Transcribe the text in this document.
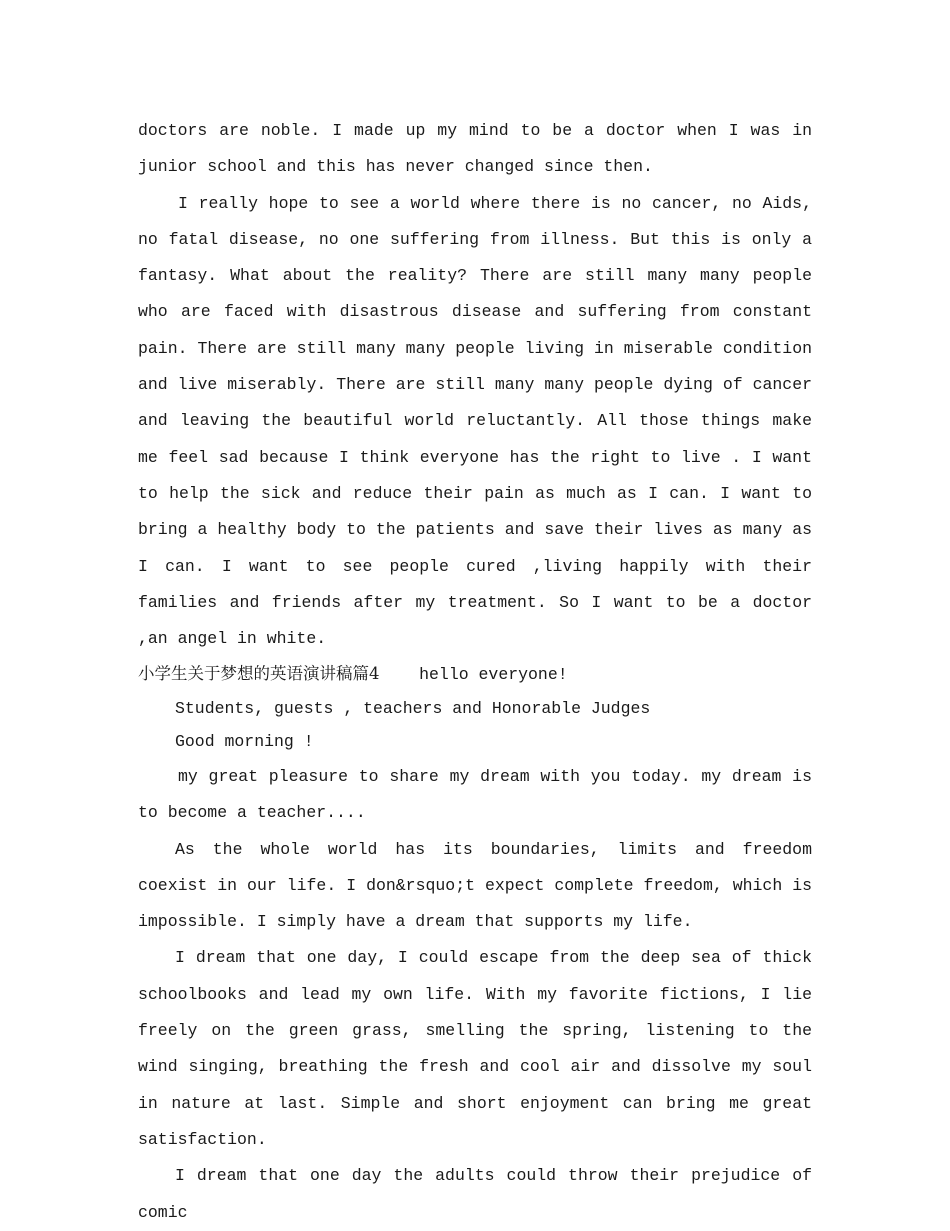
doctors are noble. I made up my mind to be a doctor when I was in junior school and this has never changed since then.

I really hope to see a world where there is no cancer, no Aids, no fatal disease, no one suffering from illness. But this is only a fantasy. What about the reality? There are still many many people who are faced with disastrous disease and suffering from constant pain. There are still many many people living in miserable condition and live miserably. There are still many many people dying of cancer and leaving the beautiful world reluctantly. All those things make me feel sad because I think everyone has the right to live . I want to help the sick and reduce their pain as much as I can. I want to bring a healthy body to the patients and save their lives as many as I can. I want to see people cured ,living happily with their families and friends after my treatment. So I want to be a doctor ,an angel in white.

小学生关于梦想的英语演讲稿篇4 hello everyone!

Students, guests , teachers and Honorable Judges

Good morning !

my great pleasure to share my dream with you today. my dream is to become a teacher....

As the whole world has its boundaries, limits and freedom coexist in our life. I don&rsquo;t expect complete freedom, which is impossible. I simply have a dream that supports my life.

I dream that one day, I could escape from the deep sea of thick schoolbooks and lead my own life. With my favorite fictions, I lie freely on the green grass, smelling the spring, listening to the wind singing, breathing the fresh and cool air and dissolve my soul in nature at last. Simple and short enjoyment can bring me great satisfaction.

I dream that one day the adults could throw their prejudice of comic
